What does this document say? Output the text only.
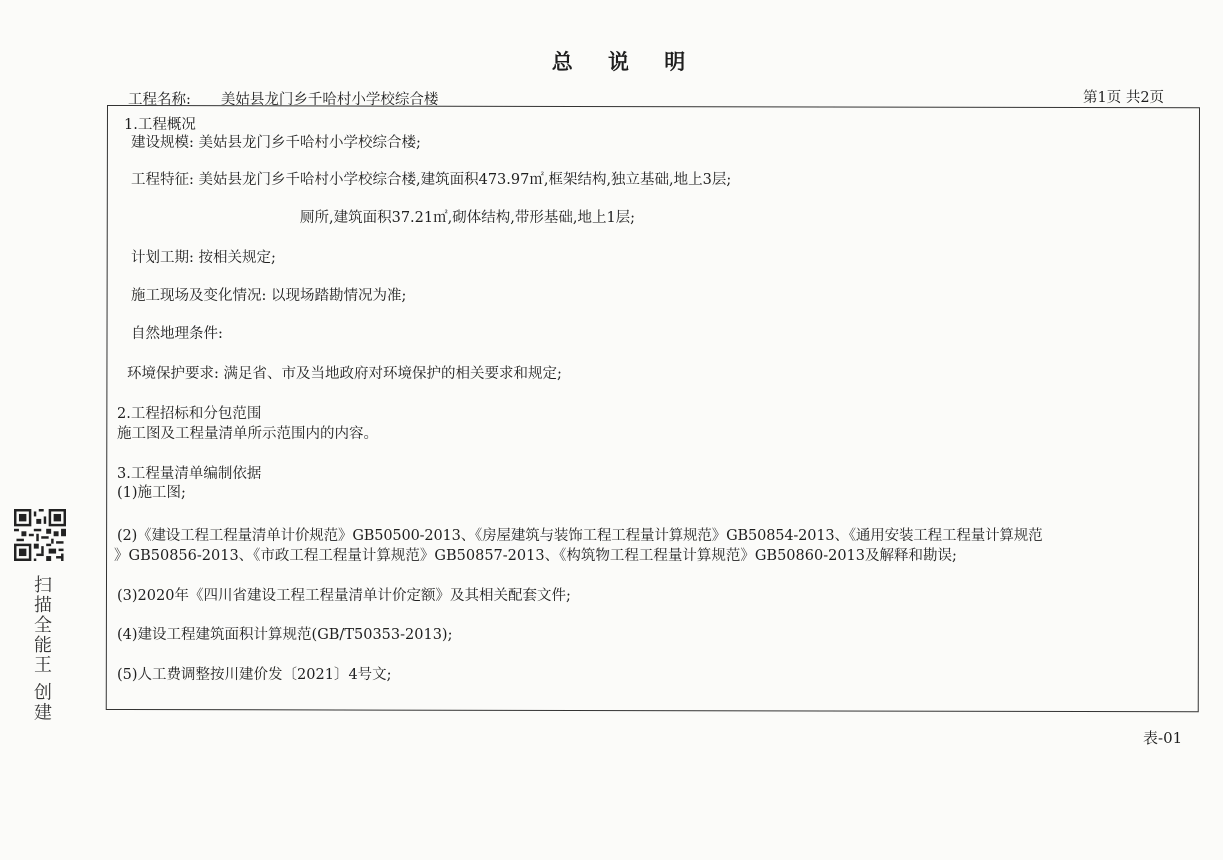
总 说 明
工程名称: 美姑县龙门乡千哈村小学校综合楼	第1页 共2页
1.工程概况
建设规模: 美姑县龙门乡千哈村小学校综合楼;
工程特征: 美姑县龙门乡千哈村小学校综合楼,建筑面积473.97㎡,框架结构,独立基础,地上3层;
厕所,建筑面积37.21㎡,砌体结构,带形基础,地上1层;
计划工期: 按相关规定;
施工现场及变化情况: 以现场踏勘情况为准;
自然地理条件:
环境保护要求: 满足省、市及当地政府对环境保护的相关要求和规定;
2.工程招标和分包范围
施工图及工程量清单所示范围内的内容。
3.工程量清单编制依据
(1)施工图;
(2)《建设工程工程量清单计价规范》GB50500-2013、《房屋建筑与装饰工程工程量计算规范》GB50854-2013、《通用安装工程工程量计算规范
》GB50856-2013、《市政工程工程量计算规范》GB50857-2013、《构筑物工程工程量计算规范》GB50860-2013及解释和勘误;
(3)2020年《四川省建设工程工程量清单计价定额》及其相关配套文件;
(4)建设工程建筑面积计算规范(GB/T50353-2013);
(5)人工费调整按川建价发〔2021〕4号文;
表-01
扫描全能王 创建
